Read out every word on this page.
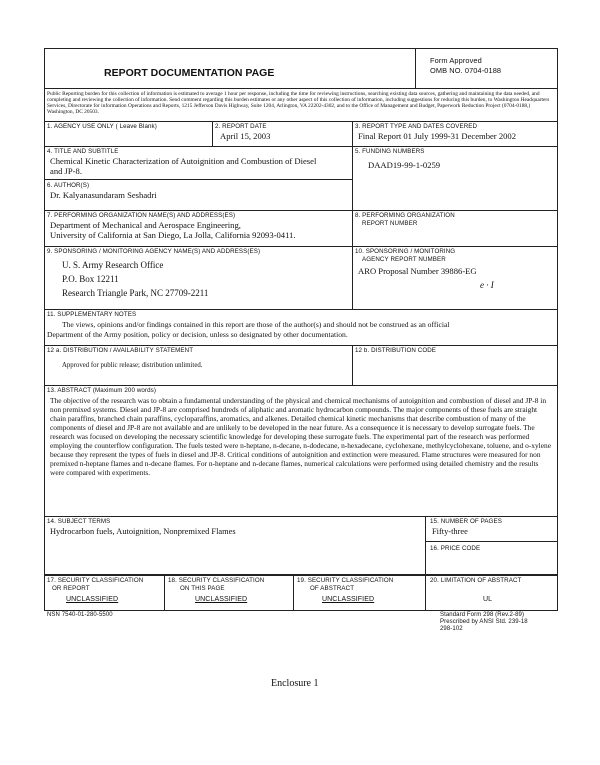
REPORT DOCUMENTATION PAGE
Form Approved
OMB NO. 0704-0188
Public Reporting burden for this collection of information is estimated to average 1 hour per response, including the time for reviewing instructions, searching existing data sources, gathering and maintaining the data needed, and completing and reviewing the collection of information. Send comment regarding this burden estimates or any other aspect of this collection of information, including suggestions for reducing this burden, to Washington Headquarters Services, Directorate for information Operations and Reports, 1215 Jefferson Davis Highway, Suite 1204, Arlington, VA 22202-4302, and to the Office of Management and Budget, Paperwork Reduction Project (0704-0188,) Washington, DC 20503.
1. AGENCY USE ONLY ( Leave Blank)	2. REPORT DATE
April 15, 2003
3. REPORT TYPE AND DATES COVERED
Final Report 01 July 1999-31 December 2002
4. TITLE AND SUBTITLE
Chemical Kinetic Characterization of Autoignition and Combustion of Diesel
and JP-8.
5. FUNDING NUMBERS
DAAD19-99-1-0259
6. AUTHOR(S)
Dr. Kalyanasundaram Seshadri
7. PERFORMING ORGANIZATION NAME(S) AND ADDRESS(ES)
Department of Mechanical and Aerospace Engineering,
University of California at San Diego, La Jolla, California 92093-0411.
8. PERFORMING ORGANIZATION
REPORT NUMBER
9. SPONSORING / MONITORING AGENCY NAME(S) AND ADDRESS(ES)
U. S. Army Research Office
P.O. Box 12211
Research Triangle Park, NC 27709-2211
10. SPONSORING / MONITORING
AGENCY REPORT NUMBER
ARO Proposal Number 39886-EG
e · I
11. SUPPLEMENTARY NOTES
The views, opinions and/or findings contained in this report are those of the author(s) and should not be construed as an official
Department of the Army position, policy or decision, unless so designated by other documentation.
12 a. DISTRIBUTION / AVAILABILITY STATEMENT
Approved for public release; distribution unlimited.
12 b. DISTRIBUTION CODE
13. ABSTRACT (Maximum 200 words)
The objective of the research was to obtain a fundamental understanding of the physical and chemical mechanisms of autoignition and combustion of diesel and JP-8 in non premixed systems. Diesel and JP-8 are comprised hundreds of aliphatic and aromatic hydrocarbon compounds. The major components of these fuels are straight chain paraffins, branched chain paraffins, cycloparaffins, aromatics, and alkenes. Detailed chemical kinetic mechanisms that describe combustion of many of the components of diesel and JP-8 are not available and are unlikely to be developed in the near future. As a consequence it is necessary to develop surrogate fuels. The research was focused on developing the necessary scientific knowledge for developing these surrogate fuels. The experimental part of the research was performed employing the counterflow configuration. The fuels tested were n-heptane, n-decane, n-dodecane, n-hexadecane, cyclohexane, methylcyclohexane, toluene, and o-xylene because they represent the types of fuels in diesel and JP-8. Critical conditions of autoignition and extinction were measured. Flame structures were measured for non premixed n-heptane flames and n-decane flames. For n-heptane and n-decane flames, numerical calculations were performed using detailed chemistry and the results were compared with experiments.
14. SUBJECT TERMS
Hydrocarbon fuels, Autoignition, Nonpremixed Flames
15. NUMBER OF PAGES
Fifty-three
16. PRICE CODE
17. SECURITY CLASSIFICATION
OR REPORT
UNCLASSIFIED
18. SECURITY CLASSIFICATION
ON THIS PAGE
UNCLASSIFIED
19. SECURITY CLASSIFICATION
OF ABSTRACT
UNCLASSIFIED
20. LIMITATION OF ABSTRACT
UL
NSN 7540-01-280-5500	Standard Form 298 (Rev.2-89)
Prescribed by ANSI Std. 239-18
298-102
Enclosure 1
